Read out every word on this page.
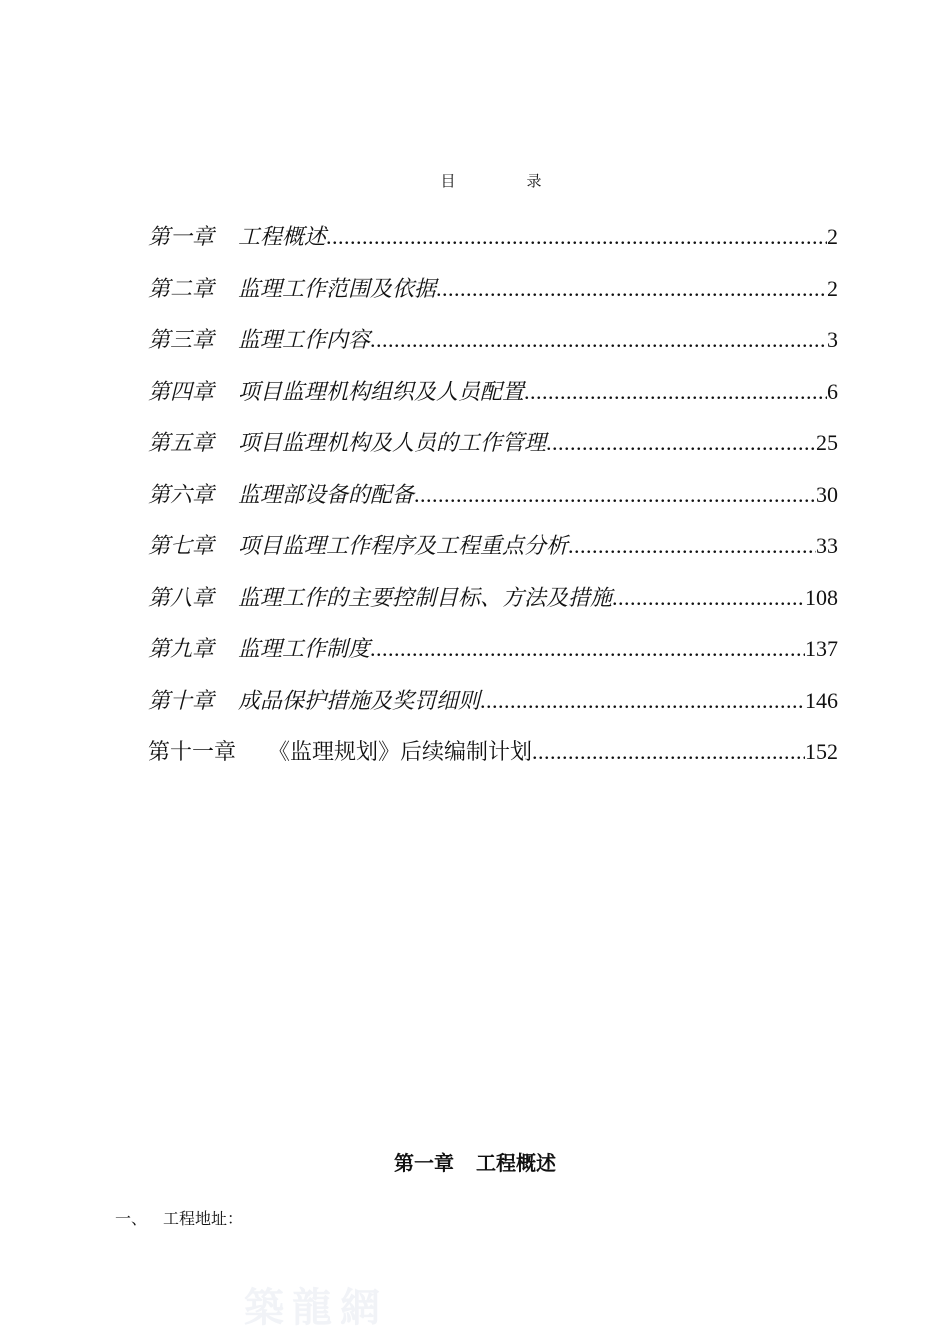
目　录
第一章 工程概述 .....	2
第二章 监理工作范围及依据 .....	2
第三章 监理工作内容 .....	3
第四章 项目监理机构组织及人员配置 .....	6
第五章 项目监理机构及人员的工作管理 .....	25
第六章 监理部设备的配备 .....	30
第七章 项目监理工作程序及工程重点分析 .....	33
第八章 监理工作的主要控制目标、方法及措施 .....	108
第九章 监理工作制度 .....	137
第十章 成品保护措施及奖罚细则 .....	146
第十一章 《监理规划》后续编制计划 .....	152
第一章 工程概述
一、 工程地址：
築龍網
